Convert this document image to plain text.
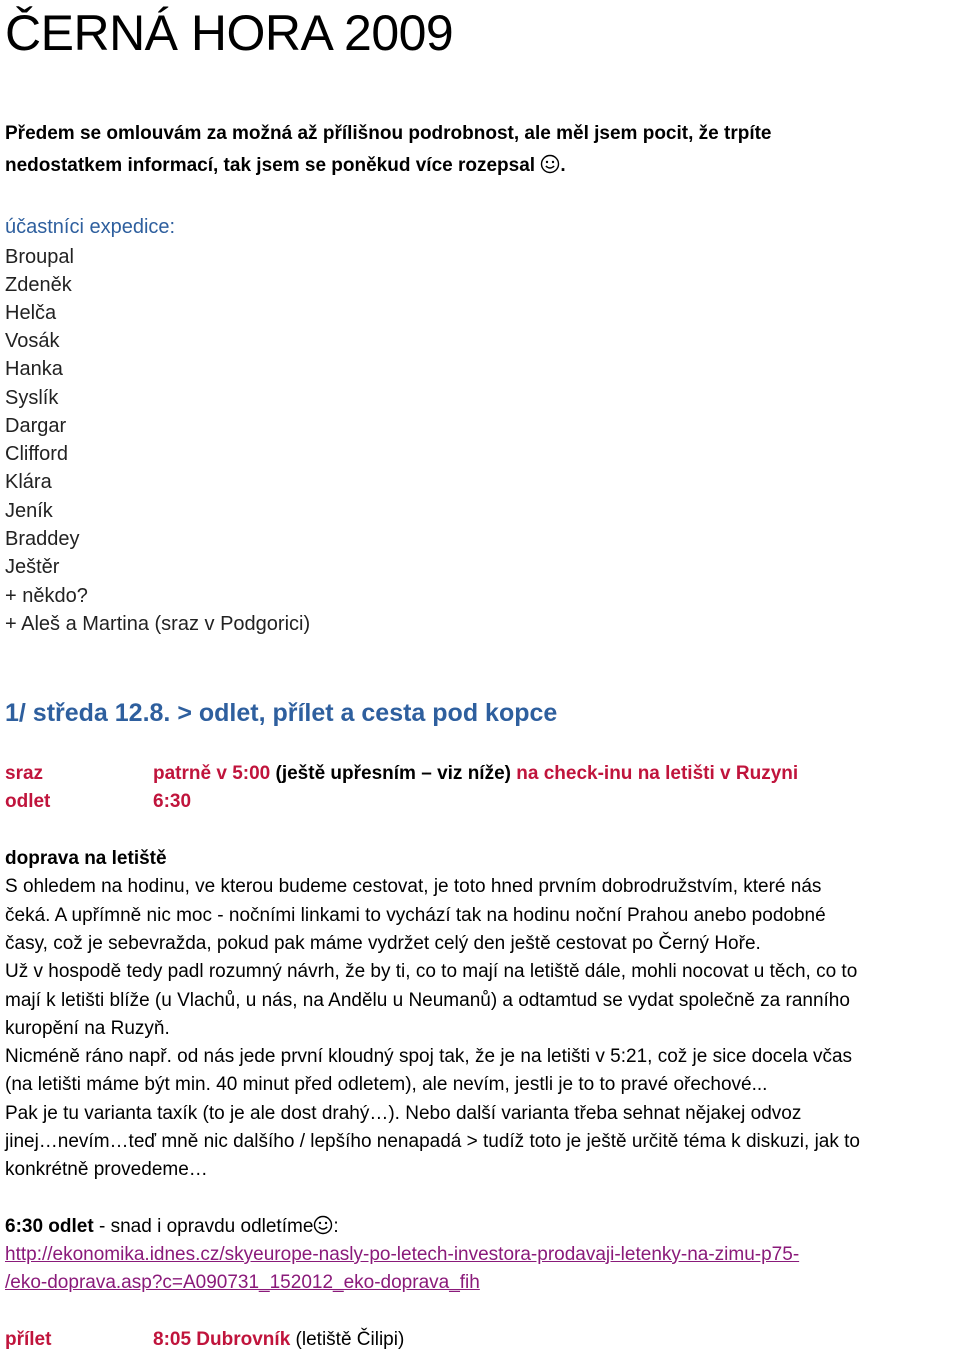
ČERNÁ HORA 2009
Předem se omlouvám za možná až přílišnou podrobnost, ale měl jsem pocit, že trpíte
nedostatkem informací, tak jsem se poněkud více rozepsal .
účastníci expedice:
Broupal
Zdeněk
Helča
Vosák
Hanka
Syslík
Dargar
Clifford
Klára
Jeník
Braddey
Ještěr
+ někdo?
+ Aleš a Martina (sraz v Podgorici)
1/ středa 12.8. > odlet, přílet a cesta pod kopce
sraz	patrně v 5:00 (ještě upřesním – viz níže) na check-inu na letišti v Ruzyni
odlet	6:30
doprava na letiště
S ohledem na hodinu, ve kterou budeme cestovat, je toto hned prvním dobrodružstvím, které nás
čeká. A upřímně nic moc - nočními linkami to vychází tak na hodinu noční Prahou anebo podobné
časy, což je sebevražda, pokud pak máme vydržet celý den ještě cestovat po Černý Hoře.
Už v hospodě tedy padl rozumný návrh, že by ti, co to mají na letiště dále, mohli nocovat u těch, co to
mají k letišti blíže (u Vlachů, u nás, na Andělu u Neumanů) a odtamtud se vydat společně za ranního
kuropění na Ruzyň.
Nicméně ráno např. od nás jede první kloudný spoj tak, že je na letišti v 5:21, což je sice docela včas
(na letišti máme být min. 40 minut před odletem), ale nevím, jestli je to to pravé ořechové...
Pak je tu varianta taxík (to je ale dost drahý…). Nebo další varianta třeba sehnat nějakej odvoz
jinej…nevím…teď mně nic dalšího / lepšího nenapadá > tudíž toto je ještě určitě téma k diskuzi, jak to
konkrétně provedeme…
6:30 odlet - snad i opravdu odletíme :
http://ekonomika.idnes.cz/skyeurope-nasly-po-letech-investora-prodavaji-letenky-na-zimu-p75-
/eko-doprava.asp?c=A090731_152012_eko-doprava_fih
přílet	8:05 Dubrovník (letiště Čilipi)
